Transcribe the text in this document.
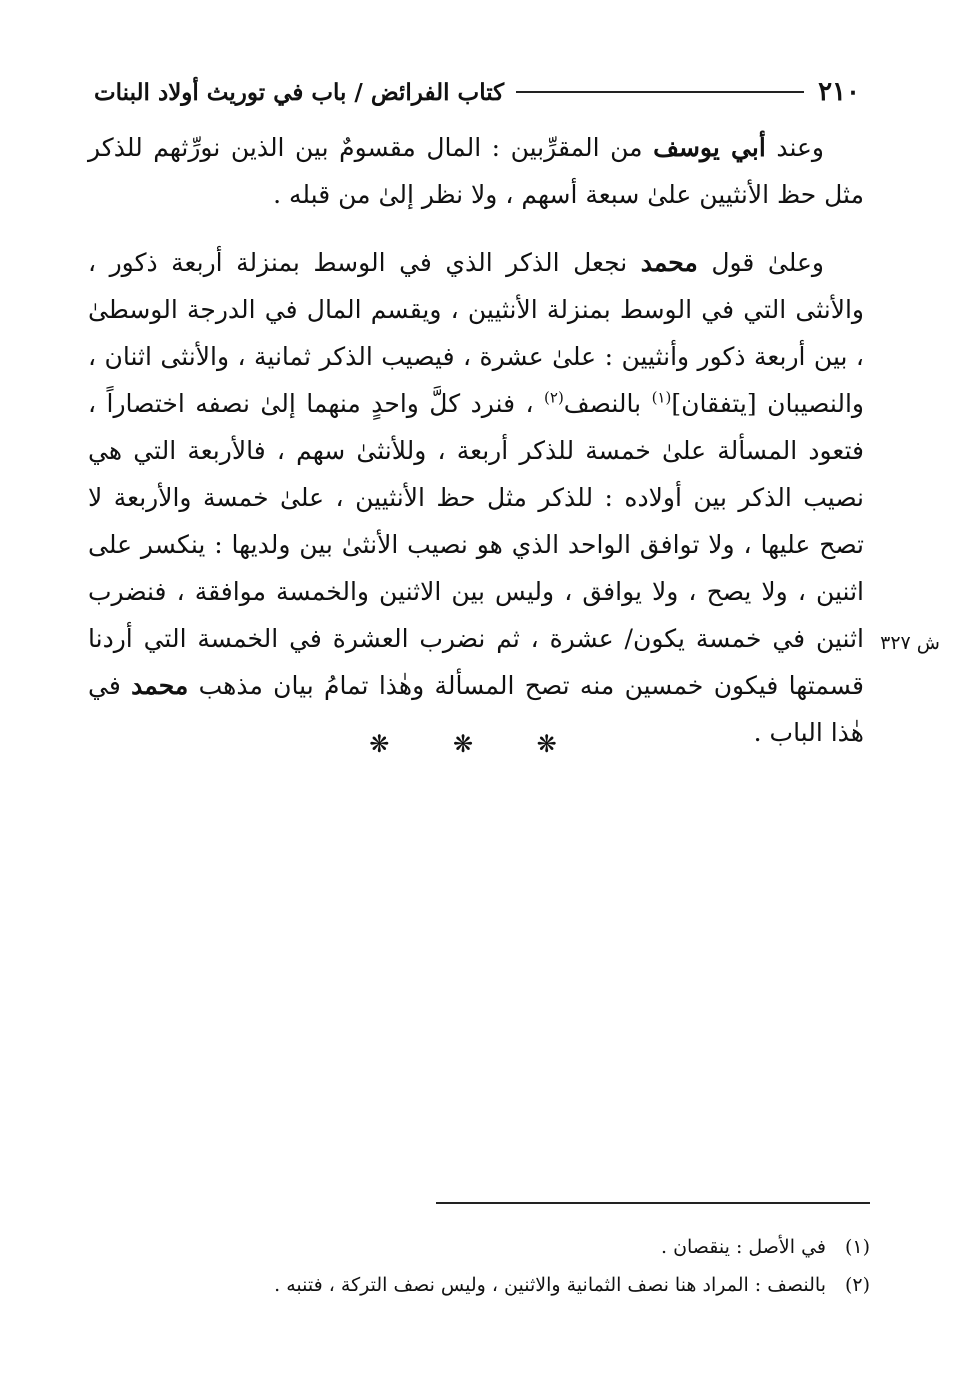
٢١٠
كتاب الفرائض / باب في توريث أولاد البنات

وعند أبي يوسف من المقرِّبين : المال مقسومٌ بين الذين نورِّثهم للذكر مثل حظ الأنثيين علىٰ سبعة أسهم ، ولا نظر إلىٰ من قبله .

وعلىٰ قول محمد نجعل الذكر الذي في الوسط بمنزلة أربعة ذكور ، والأنثى التي في الوسط بمنزلة الأنثيين ، ويقسم المال في الدرجة الوسطىٰ ، بين أربعة ذكور وأنثيين : علىٰ عشرة ، فيصيب الذكر ثمانية ، والأنثى اثنان ، والنصيبان [يتفقان]$^{(١)}$ بالنصف$^{(٢)}$ ، فنرد كلَّ واحدٍ منهما إلىٰ نصفه اختصاراً ، فتعود المسألة علىٰ خمسة للذكر أربعة ، وللأنثىٰ سهم ، فالأربعة التي هي نصيب الذكر بين أولاده : للذكر مثل حظ الأنثيين ، علىٰ خمسة والأربعة لا تصح عليها ، ولا توافق الواحد الذي هو نصيب الأنثىٰ بين ولديها : ينكسر على اثنين ، ولا يصح ، ولا يوافق ، وليس بين الاثنين والخمسة موافقة ، فنضرب اثنين في خمسة يكون/ عشرة ، ثم نضرب العشرة في الخمسة التي أردنا قسمتها فيكون خمسين منه تصح المسألة وهٰذا تمامُ بيان مذهب محمد في هٰذا الباب .

ش ٣٢٧
❋ ❋ ❋
(١)
في الأصل : ينقصان .
(٢)
بالنصف : المراد هنا نصف الثمانية والاثنين ، وليس نصف التركة ، فتنبه .
